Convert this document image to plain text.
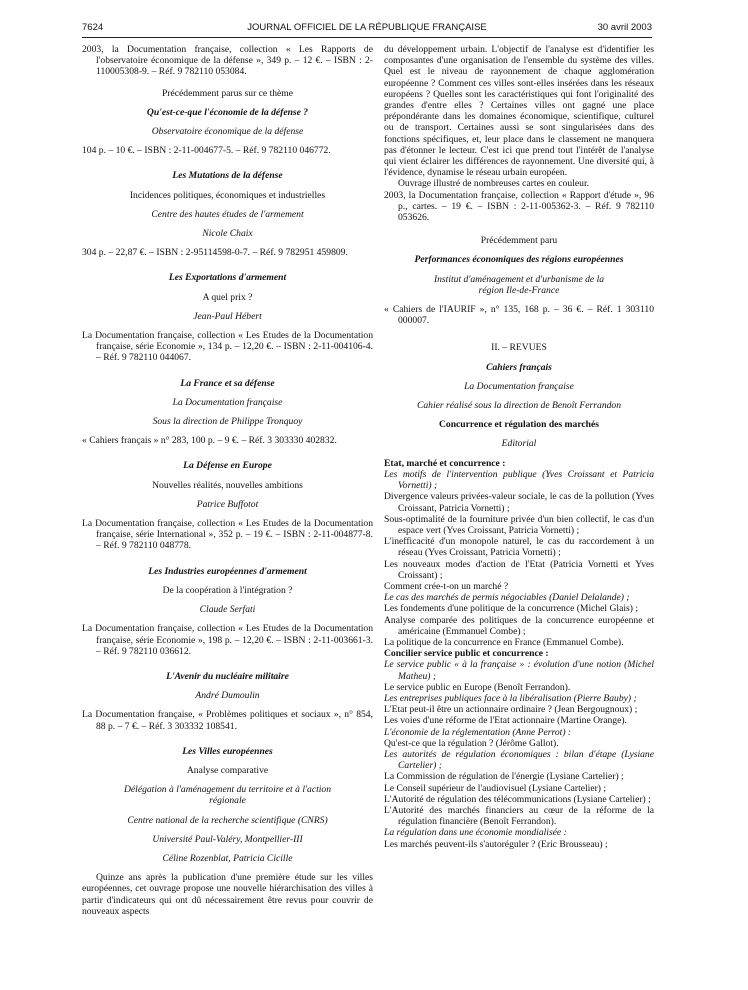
7624	JOURNAL OFFICIEL DE LA RÉPUBLIQUE FRANÇAISE	30 avril 2003

2003, la Documentation française, collection « Les Rapports de l'observatoire économique de la défense », 349 p. – 12 €. – ISBN : 2-110005308-9. – Réf. 9 782110 053084.

Précédemment parus sur ce thème

Qu'est-ce-que l'économie de la défense ?

Observatoire économique de la défense

104 p. – 10 €. – ISBN : 2-11-004677-5. – Réf. 9 782110 046772.

Les Mutations de la défense

Incidences politiques, économiques et industrielles

Centre des hautes études de l'armement

Nicole Chaix

304 p. – 22,87 €. – ISBN : 2-95114598-0-7. – Réf. 9 782951 459809.

Les Exportations d'armement

A quel prix ?

Jean-Paul Hébert

La Documentation française, collection « Les Etudes de la Documentation française, série Economie », 134 p. – 12,20 €. – ISBN : 2-11-004106-4. – Réf. 9 782110 044067.

La France et sa défense

La Documentation française

Sous la direction de Philippe Tronquoy

« Cahiers français » n° 283, 100 p. – 9 €. – Réf. 3 303330 402832.

La Défense en Europe

Nouvelles réalités, nouvelles ambitions

Patrice Buffotot

La Documentation française, collection « Les Etudes de la Documentation française, série International », 352 p. – 19 €. – ISBN : 2-11-004877-8. – Réf. 9 782110 048778.

Les Industries européennes d'armement

De la coopération à l'intégration ?

Claude Serfati

La Documentation française, collection « Les Etudes de la Documentation française, série Economie », 198 p. – 12,20 €. – ISBN : 2-11-003661-3. – Réf. 9 782110 036612.

L'Avenir du nucléaire militaire

André Dumoulin

La Documentation française, « Problèmes politiques et sociaux », n° 854, 88 p. – 7 €. – Réf. 3 303332 108541.

Les Villes européennes

Analyse comparative

Délégation à l'aménagement du territoire et à l'action régionale

Centre national de la recherche scientifique (CNRS)

Université Paul-Valéry, Montpellier-III

Céline Rozenblat, Patricia Cicille

Quinze ans après la publication d'une première étude sur les villes européennes, cet ouvrage propose une nouvelle hiérarchisation des villes à partir d'indicateurs qui ont dû nécessairement être revus pour couvrir de nouveaux aspects

du développement urbain. L'objectif de l'analyse est d'identifier les composantes d'une organisation de l'ensemble du système des villes. Quel est le niveau de rayonnement de chaque agglomération européenne ? Comment ces villes sont-elles insérées dans les réseaux européens ? Quelles sont les caractéristiques qui font l'originalité des grandes d'entre elles ? Certaines villes ont gagné une place prépondérante dans les domaines économique, scientifique, culturel ou de transport. Certaines aussi se sont singularisées dans des fonctions spécifiques, et, leur place dans le classement ne manquera pas d'étonner le lecteur. C'est ici que prend tout l'intérêt de l'analyse qui vient éclairer les différences de rayonnement. Une diversité qui, à l'évidence, dynamise le réseau urbain européen.

Ouvrage illustré de nombreuses cartes en couleur.

2003, la Documentation française, collection « Rapport d'étude », 96 p., cartes. – 19 €. – ISBN : 2-11-005362-3. – Réf. 9 782110 053626.

Précédemment paru

Performances économiques des régions européennes

Institut d'aménagement et d'urbanisme de la région Ile-de-France

« Cahiers de l'IAURIF », n° 135, 168 p. – 36 €. – Réf. 1 303110 000007.

II. – REVUES

Cahiers français

La Documentation française

Cahier réalisé sous la direction de Benoît Ferrandon

Concurrence et régulation des marchés

Editorial

Etat, marché et concurrence :

Les motifs de l'intervention publique (Yves Croissant et Patricia Vornetti) ;

Divergence valeurs privées-valeur sociale, le cas de la pollution (Yves Croissant, Patricia Vornetti) ;

Sous-optimalité de la fourniture privée d'un bien collectif, le cas d'un espace vert (Yves Croissant, Patricia Vornetti) ;

L'inefficacité d'un monopole naturel, le cas du raccordement à un réseau (Yves Croissant, Patricia Vornetti) ;

Les nouveaux modes d'action de l'Etat (Patricia Vornetti et Yves Croissant) ;

Comment crée-t-on un marché ?

Le cas des marchés de permis négociables (Daniel Delalande) ;

Les fondements d'une politique de la concurrence (Michel Glais) ;

Analyse comparée des politiques de la concurrence européenne et américaine (Emmanuel Combe) ;

La politique de la concurrence en France (Emmanuel Combe).

Concilier service public et concurrence :

Le service public « à la française » : évolution d'une notion (Michel Matheu) ;

Le service public en Europe (Benoît Ferrandon).

Les entreprises publiques face à la libéralisation (Pierre Bauby) ;

L'Etat peut-il être un actionnaire ordinaire ? (Jean Bergougnoux) ;

Les voies d'une réforme de l'Etat actionnaire (Martine Orange).

L'économie de la réglementation (Anne Perrot) :

Qu'est-ce que la régulation ? (Jérôme Gallot).

Les autorités de régulation économiques : bilan d'étape (Lysiane Cartelier) ;

La Commission de régulation de l'énergie (Lysiane Cartelier) ;

Le Conseil supérieur de l'audiovisuel (Lysiane Cartelier) ;

L'Autorité de régulation des télécommunications (Lysiane Cartelier) ;

L'Autorité des marchés financiers au cœur de la réforme de la régulation financière (Benoît Ferrandon).

La régulation dans une économie mondialisée :

Les marchés peuvent-ils s'autoréguler ? (Eric Brousseau) ;
